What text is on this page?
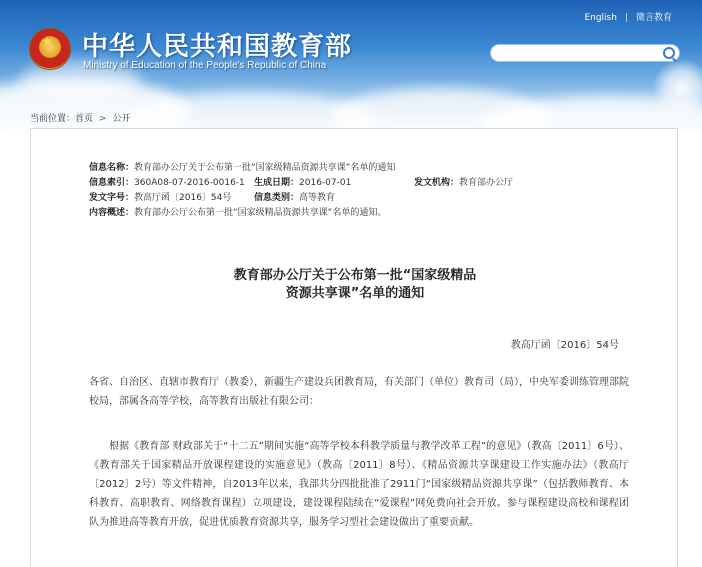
★ 中华人民共和国教育部
Ministry of Education of the People's Republic of China
English | 微言教育
当前位置：首页 > 公开
信息名称：教育部办公厅关于公布第一批“国家级精品资源共享课”名单的通知
信息索引：360A08-07-2016-0016-1 生成日期：2016-07-01	发文机构：教育部办公厅
发文字号：教高厅函〔2016〕54号	信息类别：高等教育
内容概述：教育部办公厅公布第一批“国家级精品资源共享课”名单的通知。
教育部办公厅关于公布第一批“国家级精品
资源共享课”名单的通知
教高厅函〔2016〕54号
各省、自治区、直辖市教育厅（教委），新疆生产建设兵团教育局，有关部门（单位）教育司（局），中央军委训练管理部院校局，部属各高等学校，高等教育出版社有限公司：
根据《教育部 财政部关于“十二五”期间实施“高等学校本科教学质量与教学改革工程”的意见》（教高〔2011〕6号）、《教育部关于国家精品开放课程建设的实施意见》（教高〔2011〕8号）、《精品资源共享课建设工作实施办法》（教高厅〔2012〕2号）等文件精神，自2013年以来，我部共分四批批准了2911门“国家级精品资源共享课”（包括教师教育、本科教育、高职教育、网络教育课程）立项建设，建设课程陆续在“爱课程”网免费向社会开放。参与课程建设高校和课程团队为推进高等教育开放，促进优质教育资源共享，服务学习型社会建设做出了重要贡献。
